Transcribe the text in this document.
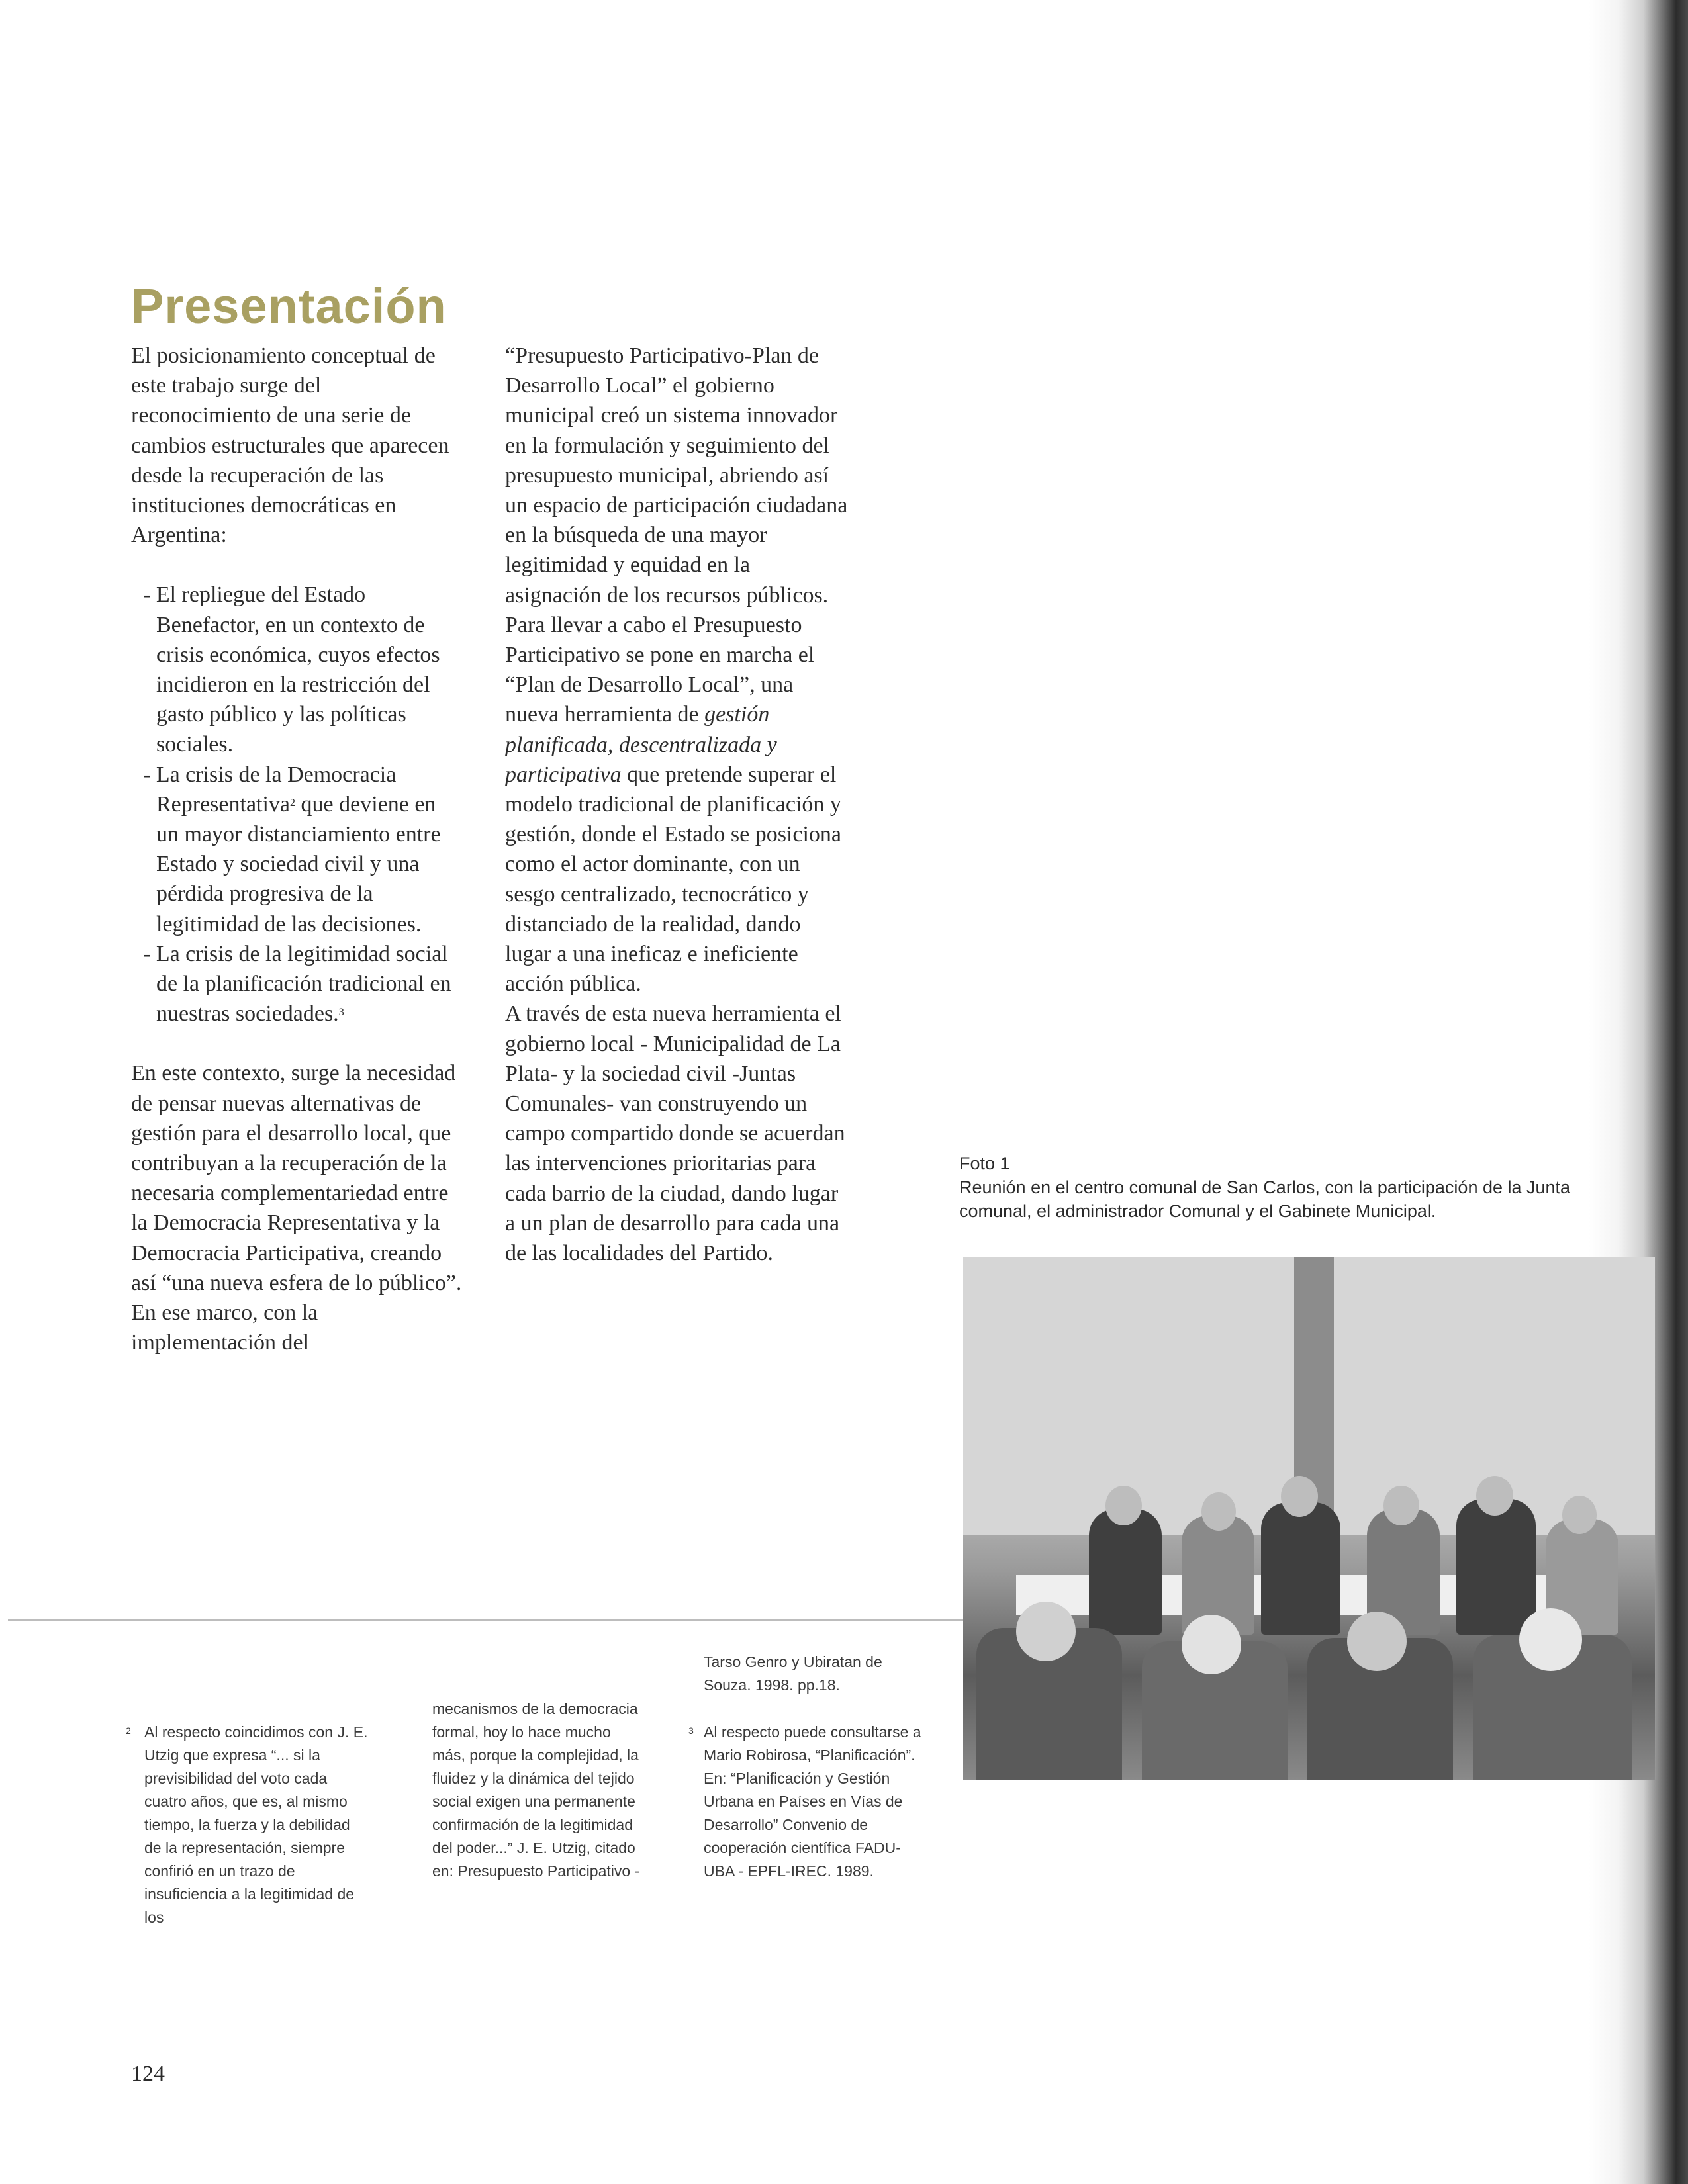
Presentación

El posicionamiento conceptual de este trabajo surge del reconocimiento de una serie de cambios estructurales que aparecen desde la recuperación de las instituciones democráticas en Argentina:

- El repliegue del Estado Benefactor, en un contexto de crisis económica, cuyos efectos incidieron en la restricción del gasto público y las políticas sociales.

- La crisis de la Democracia Representativa$^2$ que deviene en un mayor distanciamiento entre Estado y sociedad civil y una pérdida progresiva de la legitimidad de las decisiones.

- La crisis de la legitimidad social de la planificación tradicional en nuestras sociedades.$^3$

En este contexto, surge la necesidad de pensar nuevas alternativas de gestión para el desarrollo local, que contribuyan a la recuperación de la necesaria complementariedad entre la Democracia Representativa y la Democracia Participativa, creando así “una nueva esfera de lo público”.

En ese marco, con la implementación del

“Presupuesto Participativo-Plan de Desarrollo Local” el gobierno municipal creó un sistema innovador en la formulación y seguimiento del presupuesto municipal, abriendo así un espacio de participación ciudadana en la búsqueda de una mayor legitimidad y equidad en la asignación de los recursos públicos.

Para llevar a cabo el Presupuesto Participativo se pone en marcha el “Plan de Desarrollo Local”, una nueva herramienta de gestión planificada, descentralizada y participativa que pretende superar el modelo tradicional de planificación y gestión, donde el Estado se posiciona como el actor dominante, con un sesgo centralizado, tecnocrático y distanciado de la realidad, dando lugar a una ineficaz e ineficiente acción pública.

A través de esta nueva herramienta el gobierno local - Municipalidad de La Plata- y la sociedad civil -Juntas Comunales- van construyendo un campo compartido donde se acuerdan las intervenciones prioritarias para cada barrio de la ciudad, dando lugar a un plan de desarrollo para cada una de las localidades del Partido.

Foto 1

Reunión en el centro comunal de San Carlos, con la participación de la Junta comunal, el administrador Comunal y el Gabinete Municipal.

2 Al respecto coincidimos con J. E. Utzig que expresa “... si la previsibilidad del voto cada cuatro años, que es, al mismo tiempo, la fuerza y la debilidad de la representación, siempre confirió en un trazo de insuficiencia a la legitimidad de los

mecanismos de la democracia formal, hoy lo hace mucho más, porque la complejidad, la fluidez y la dinámica del tejido social exigen una permanente confirmación de la legitimidad del poder...” J. E. Utzig, citado en: Presupuesto Participativo -

Tarso Genro y Ubiratan de Souza. 1998. pp.18.

3 Al respecto puede consultarse a Mario Robirosa, “Planificación”. En: “Planificación y Gestión Urbana en Países en Vías de Desarrollo” Convenio de cooperación científica FADU-UBA - EPFL-IREC. 1989.

124
